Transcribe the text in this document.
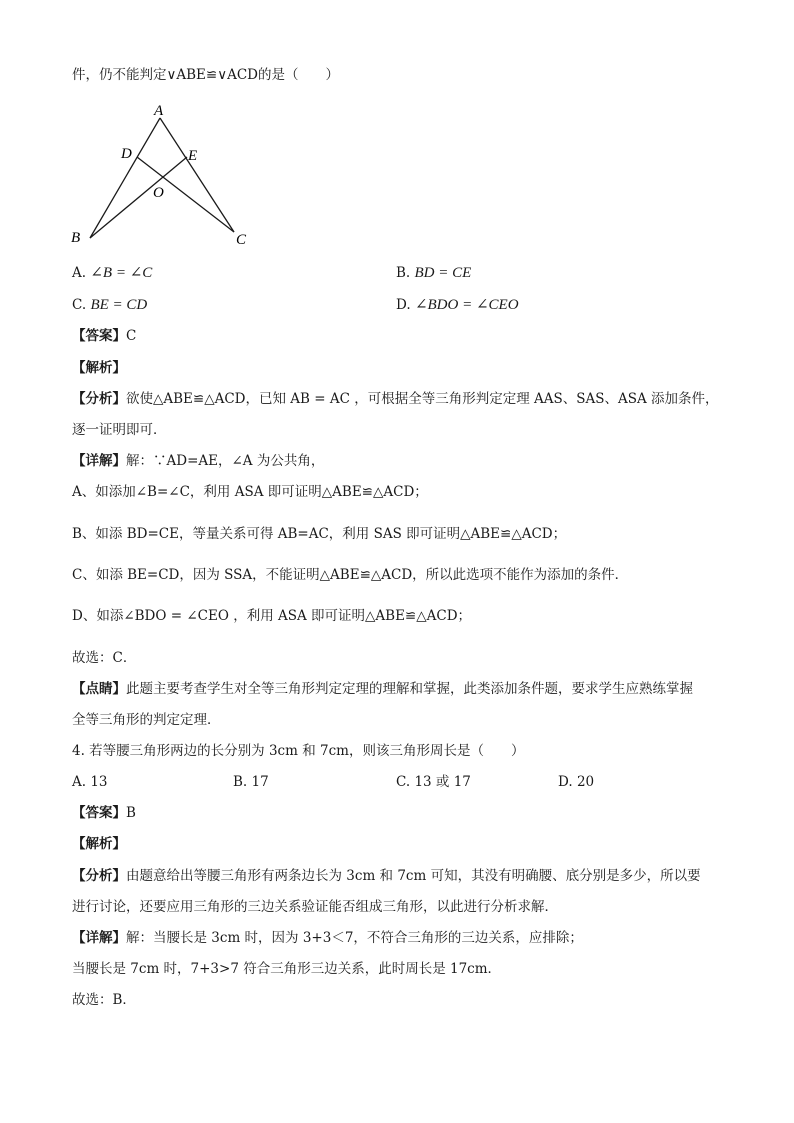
件，仍不能判定∨ABE≌∨ACD的是（　　）
A
D	E
O
B	C
A. ∠B = ∠C	B. BD = CE
C. BE = CD	D. ∠BDO = ∠CEO
【答案】C
【解析】
【分析】欲使△ABE≌△ACD，已知 AB = AC ，可根据全等三角形判定定理 AAS、SAS、ASA 添加条件，
逐一证明即可．
【详解】解：∵AD=AE，∠A 为公共角，
A、如添加∠B=∠C，利用 ASA 即可证明△ABE≌△ACD；
B、如添 BD=CE，等量关系可得 AB=AC，利用 SAS 即可证明△ABE≌△ACD；
C、如添 BE=CD，因为 SSA，不能证明△ABE≌△ACD，所以此选项不能作为添加的条件．
D、如添∠BDO = ∠CEO ，利用 ASA 即可证明△ABE≌△ACD；
故选：C．
【点睛】此题主要考查学生对全等三角形判定定理的理解和掌握，此类添加条件题，要求学生应熟练掌握
全等三角形的判定定理．
4. 若等腰三角形两边的长分别为 3cm 和 7cm，则该三角形周长是（　　）
A. 13	B. 17	C. 13 或 17	D. 20
【答案】B
【解析】
【分析】由题意给出等腰三角形有两条边长为 3cm 和 7cm 可知，其没有明确腰、底分别是多少，所以要
进行讨论，还要应用三角形的三边关系验证能否组成三角形，以此进行分析求解．
【详解】解：当腰长是 3cm 时，因为 3+3＜7，不符合三角形的三边关系，应排除；
当腰长是 7cm 时，7+3>7 符合三角形三边关系，此时周长是 17cm．
故选：B．
